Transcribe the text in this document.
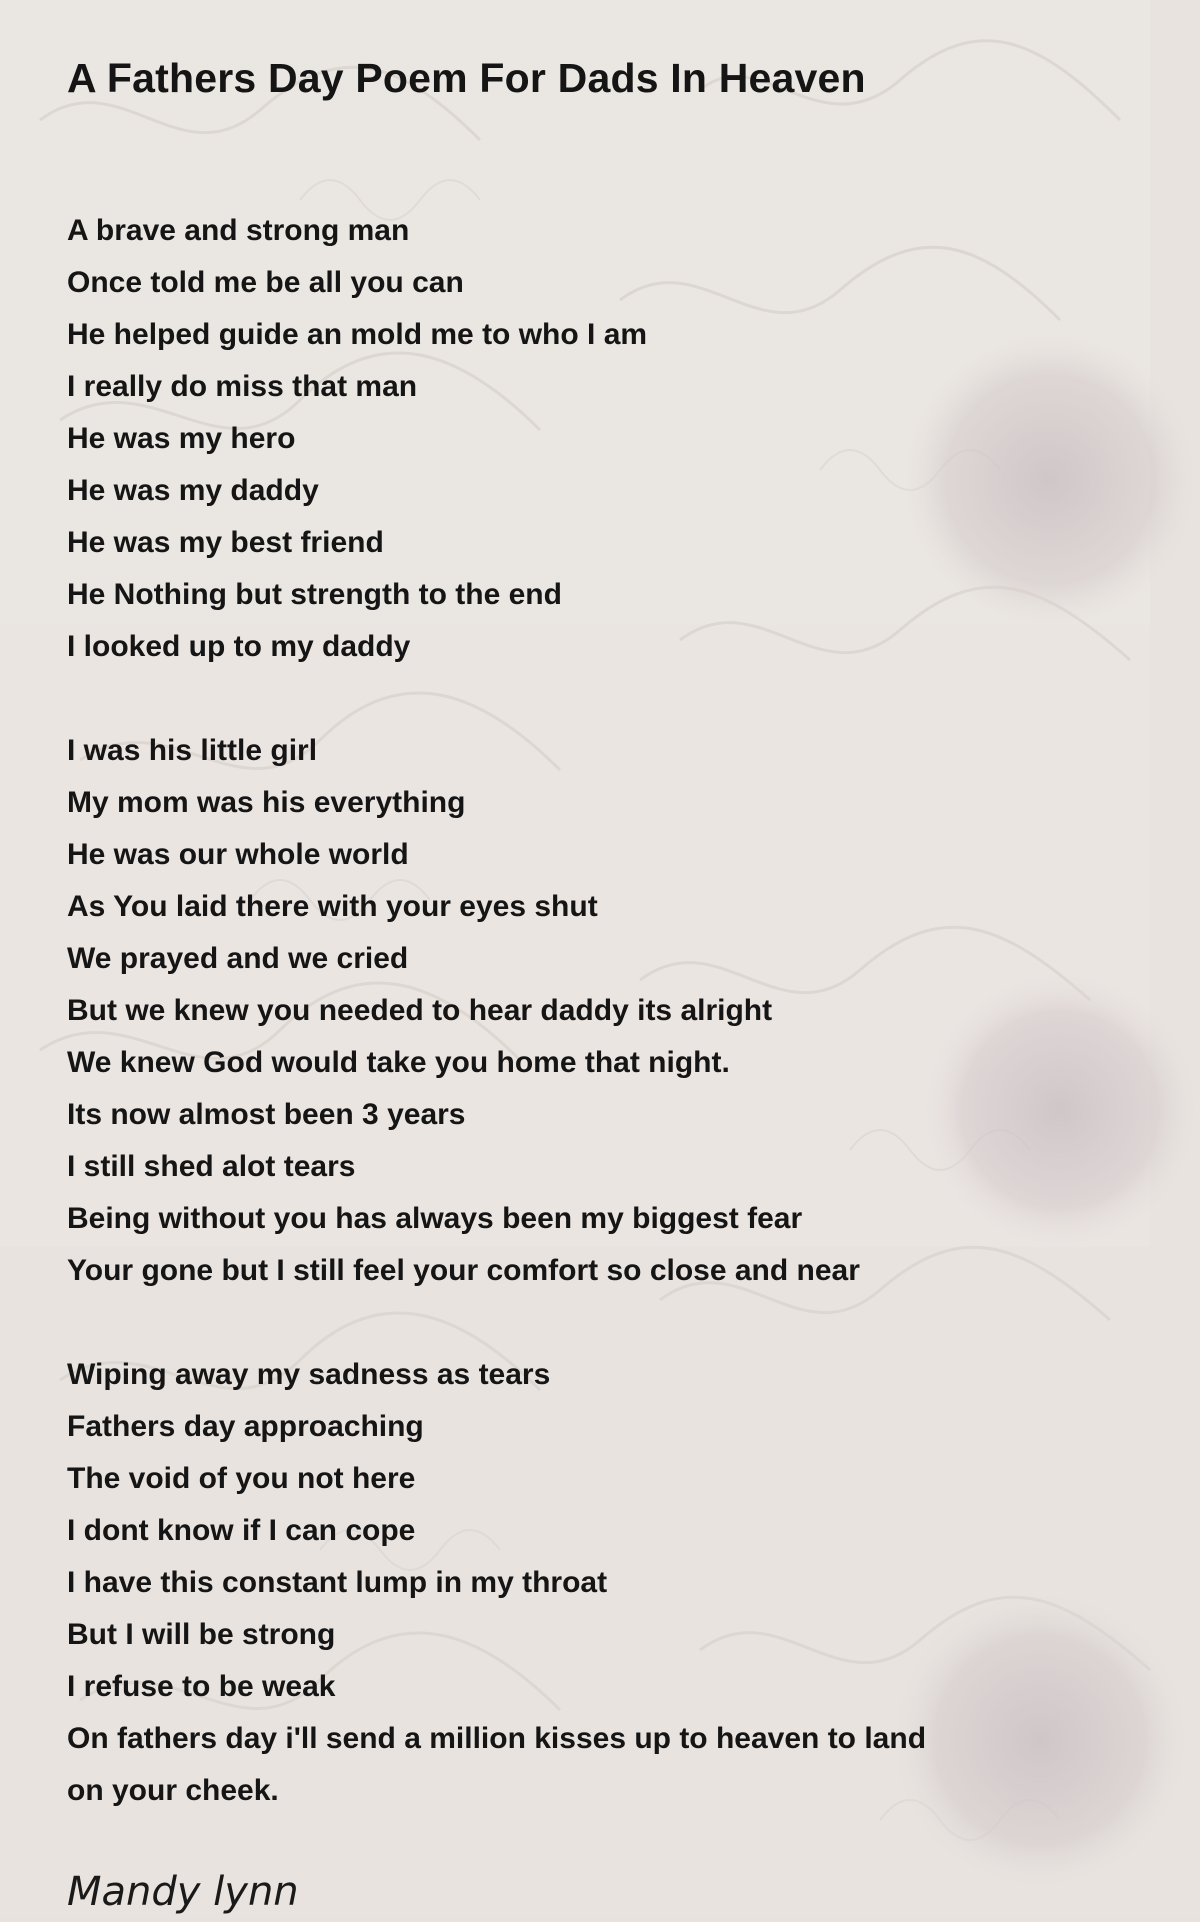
A Fathers Day Poem For Dads In Heaven
A brave and strong man
Once told me be all you can
He helped guide an mold me to who I am
I really do miss that man
He was my hero
He was my daddy
He was my best friend
He Nothing but strength to the end
I looked up to my daddy
I was his little girl
My mom was his everything
He was our whole world
As You laid there with your eyes shut
We prayed and we cried
But we knew you needed to hear daddy its alright
We knew God would take you home that night.
Its now almost been 3 years
I still shed alot tears
Being without you has always been my biggest fear
Your gone but I still feel your comfort so close and near
Wiping away my sadness as tears
Fathers day approaching
The void of you not here
I dont know if I can cope
I have this constant lump in my throat
But I will be strong
I refuse to be weak
On fathers day i'll send a million kisses up to heaven to land
on your cheek.
Mandy lynn
